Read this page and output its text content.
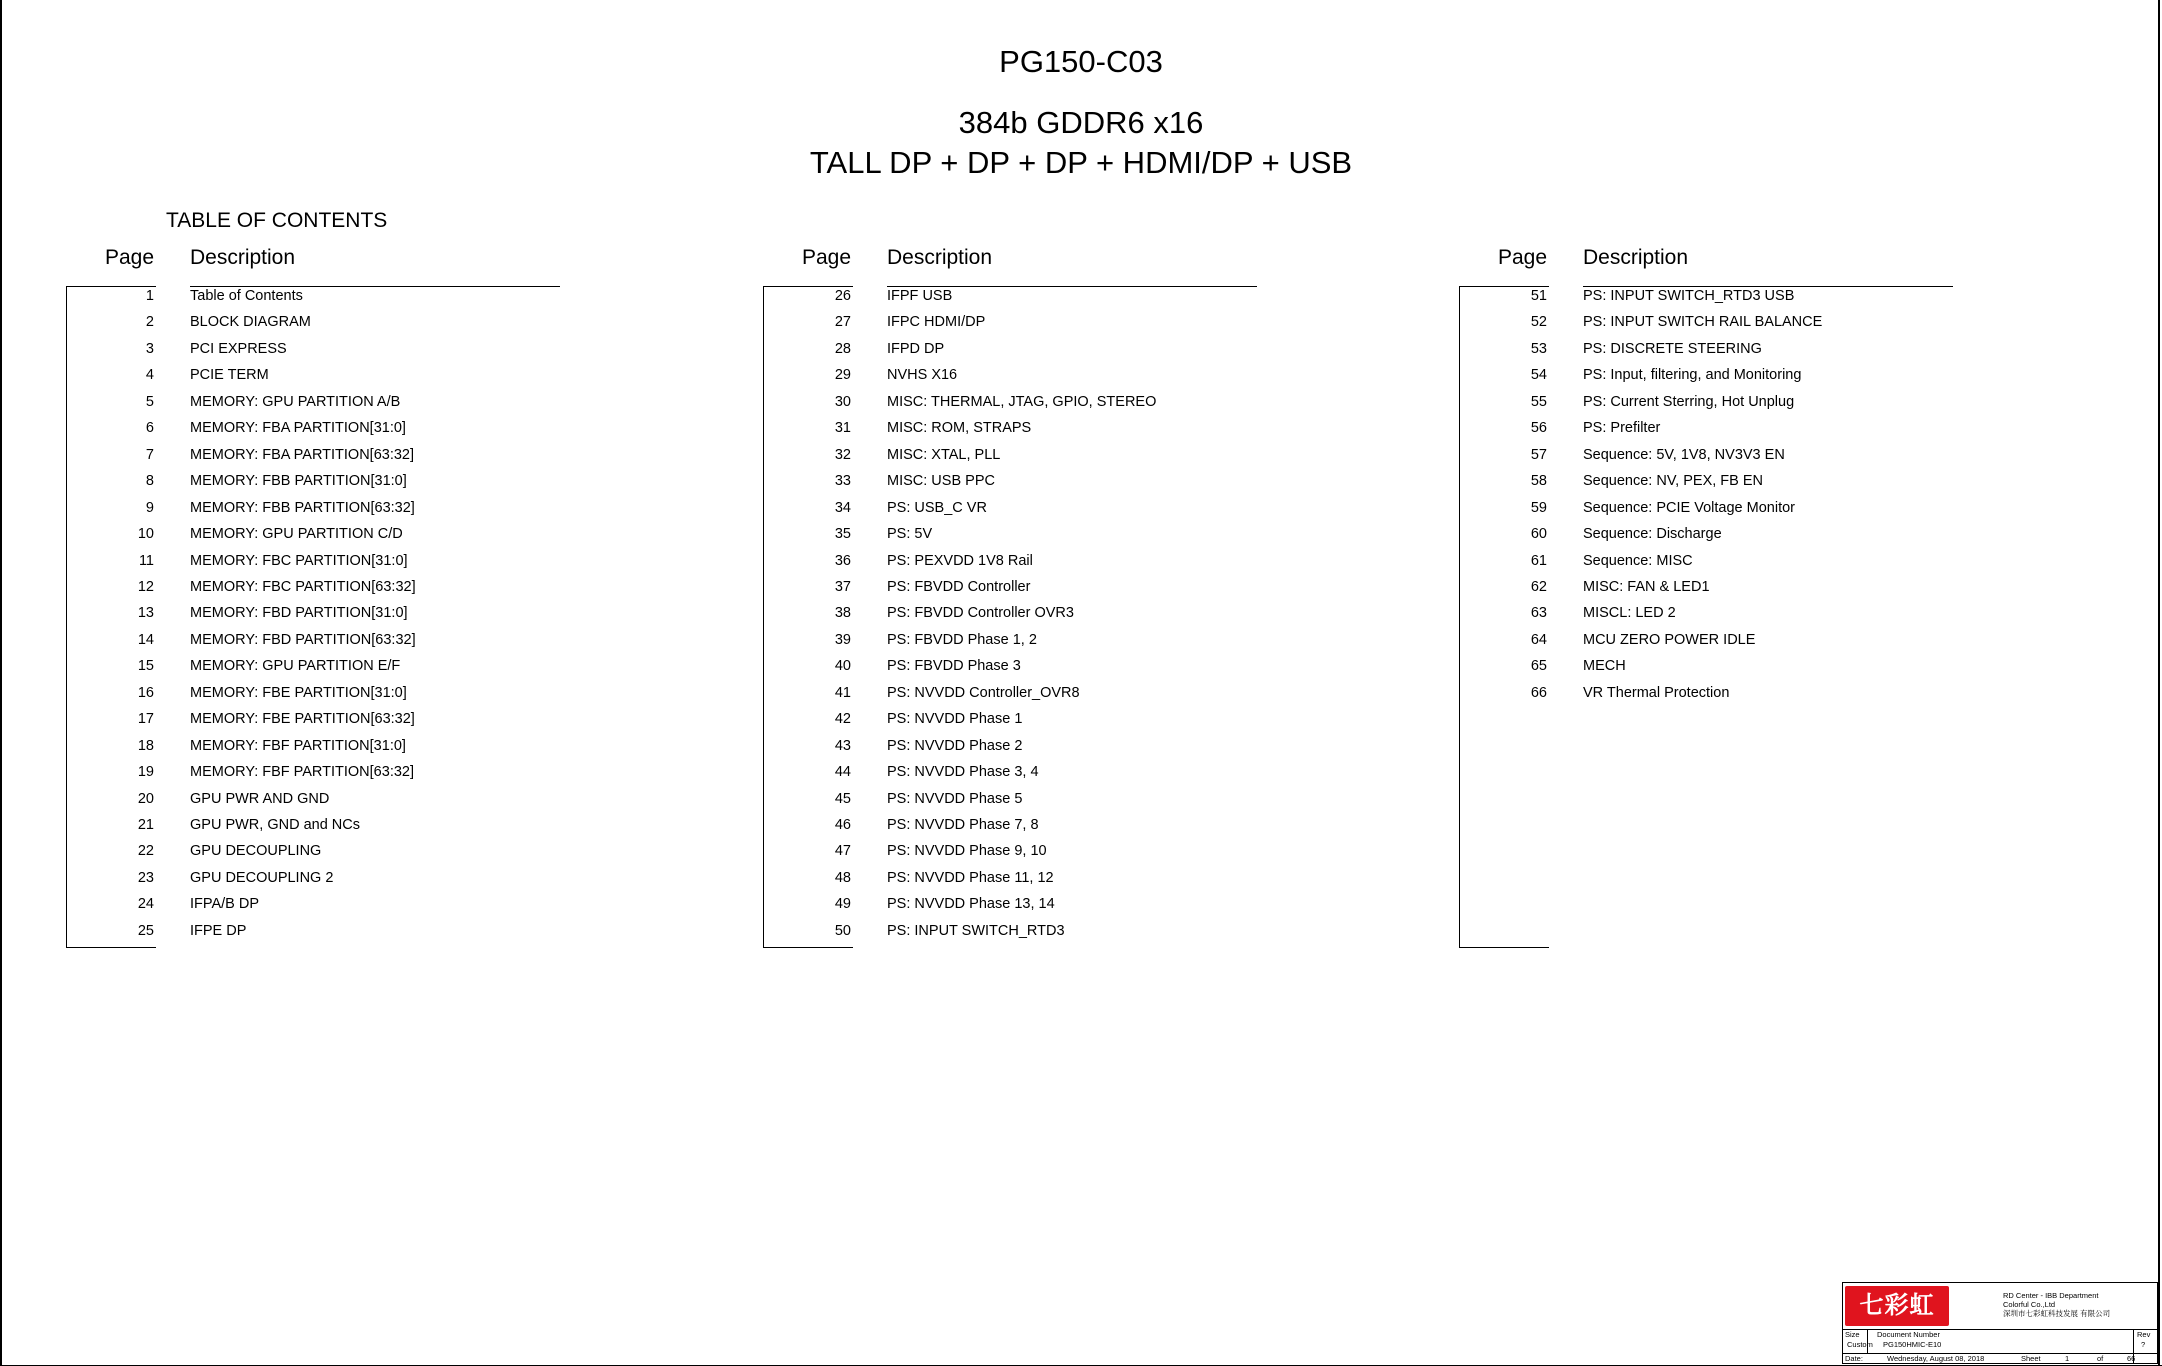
PG150-C03
384b GDDR6 x16
TALL DP + DP + DP + HDMI/DP + USB
TABLE OF CONTENTS
Page Description
1 Table of Contents
2 BLOCK DIAGRAM
3 PCI EXPRESS
4 PCIE TERM
5 MEMORY: GPU PARTITION A/B
6 MEMORY: FBA PARTITION[31:0]
7 MEMORY: FBA PARTITION[63:32]
8 MEMORY: FBB PARTITION[31:0]
9 MEMORY: FBB PARTITION[63:32]
10 MEMORY: GPU PARTITION C/D
11 MEMORY: FBC PARTITION[31:0]
12 MEMORY: FBC PARTITION[63:32]
13 MEMORY: FBD PARTITION[31:0]
14 MEMORY: FBD PARTITION[63:32]
15 MEMORY: GPU PARTITION E/F
16 MEMORY: FBE PARTITION[31:0]
17 MEMORY: FBE PARTITION[63:32]
18 MEMORY: FBF PARTITION[31:0]
19 MEMORY: FBF PARTITION[63:32]
20 GPU PWR AND GND
21 GPU PWR, GND and NCs
22 GPU DECOUPLING
23 GPU DECOUPLING 2
24 IFPA/B DP
25 IFPE DP
Page Description
26 IFPF USB
27 IFPC HDMI/DP
28 IFPD DP
29 NVHS X16
30 MISC: THERMAL, JTAG, GPIO, STEREO
31 MISC: ROM, STRAPS
32 MISC: XTAL, PLL
33 MISC: USB PPC
34 PS: USB_C VR
35 PS: 5V
36 PS: PEXVDD 1V8 Rail
37 PS: FBVDD Controller
38 PS: FBVDD Controller OVR3
39 PS: FBVDD Phase 1, 2
40 PS: FBVDD Phase 3
41 PS: NVVDD Controller_OVR8
42 PS: NVVDD Phase 1
43 PS: NVVDD Phase 2
44 PS: NVVDD Phase 3, 4
45 PS: NVVDD Phase 5
46 PS: NVVDD Phase 7, 8
47 PS: NVVDD Phase 9, 10
48 PS: NVVDD Phase 11, 12
49 PS: NVVDD Phase 13, 14
50 PS: INPUT SWITCH_RTD3
Page Description
51 PS: INPUT SWITCH_RTD3 USB
52 PS: INPUT SWITCH RAIL BALANCE
53 PS: DISCRETE STEERING
54 PS: Input, filtering, and Monitoring
55 PS: Current Sterring, Hot Unplug
56 PS: Prefilter
57 Sequence: 5V, 1V8, NV3V3 EN
58 Sequence: NV, PEX, FB EN
59 Sequence: PCIE Voltage Monitor
60 Sequence: Discharge
61 Sequence: MISC
62 MISC: FAN & LED1
63 MISCL: LED 2
64 MCU ZERO POWER IDLE
65 MECH
66 VR Thermal Protection
七彩虹	RD Center - IBB Department
Colorful Co.,Ltd
深圳市七彩虹科技发展 有限公司
Size
Custom
Document Number
PG150HMIC-E10
Rev
?
Date:	Wednesday, August 08, 2018	Sheet	1	of	66
